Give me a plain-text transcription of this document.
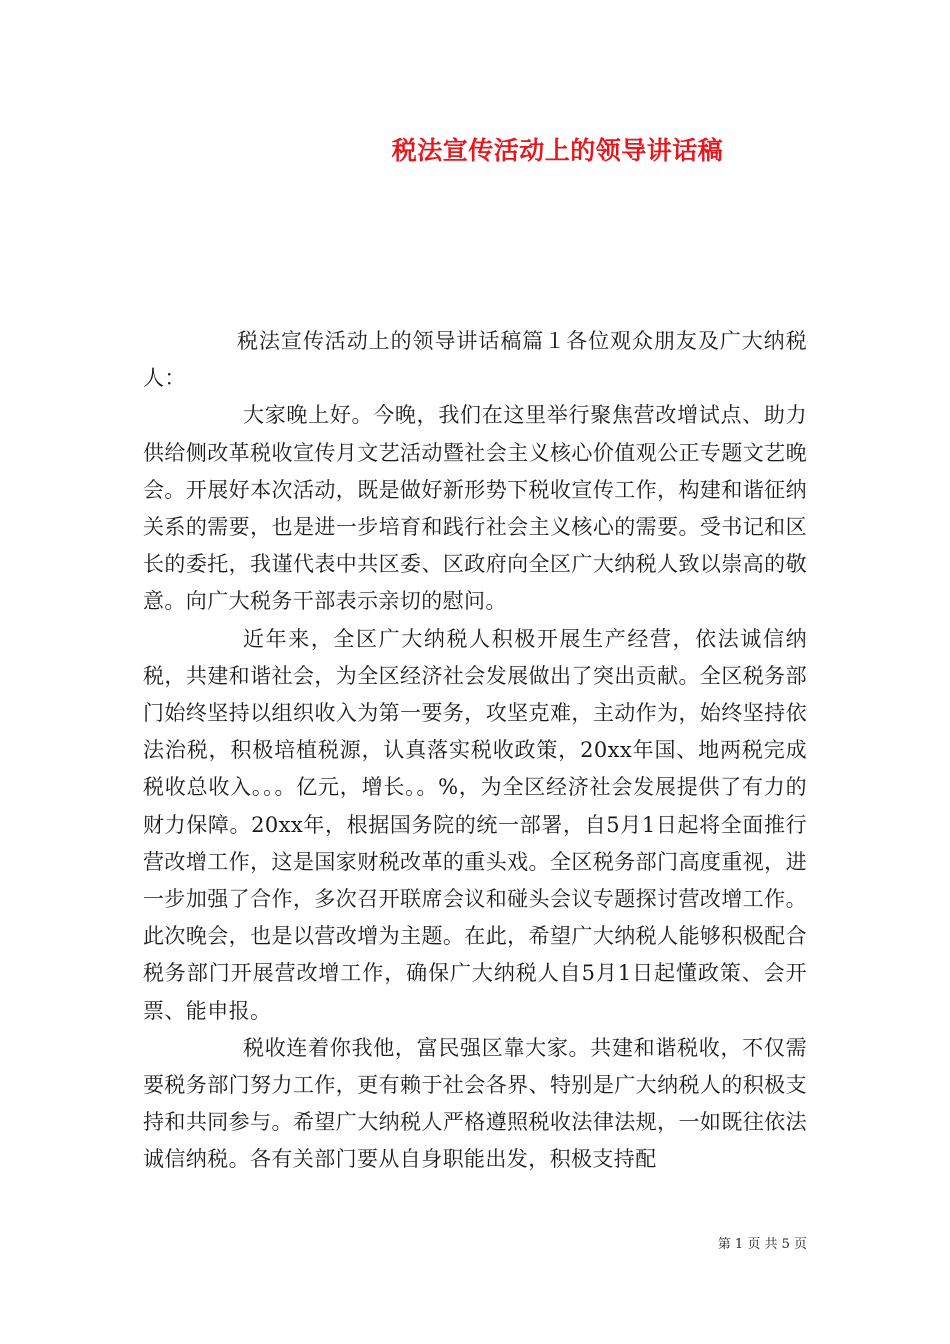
税法宣传活动上的领导讲话稿

税法宣传活动上的领导讲话稿篇１各位观众朋友及广大纳税人：

大家晚上好。今晚，我们在这里举行聚焦营改增试点、助力供给侧改革税收宣传月文艺活动暨社会主义核心价值观公正专题文艺晚会。开展好本次活动，既是做好新形势下税收宣传工作，构建和谐征纳关系的需要，也是进一步培育和践行社会主义核心的需要。受书记和区长的委托，我谨代表中共区委、区政府向全区广大纳税人致以崇高的敬意。向广大税务干部表示亲切的慰问。

近年来，全区广大纳税人积极开展生产经营，依法诚信纳税，共建和谐社会，为全区经济社会发展做出了突出贡献。全区税务部门始终坚持以组织收入为第一要务，攻坚克难，主动作为，始终坚持依法治税，积极培植税源，认真落实税收政策，20xx年国、地两税完成税收总收入。。。亿元，增长。。%，为全区经济社会发展提供了有力的财力保障。20xx年，根据国务院的统一部署，自5月1日起将全面推行营改增工作，这是国家财税改革的重头戏。全区税务部门高度重视，进一步加强了合作，多次召开联席会议和碰头会议专题探讨营改增工作。此次晚会，也是以营改增为主题。在此，希望广大纳税人能够积极配合税务部门开展营改增工作，确保广大纳税人自5月1日起懂政策、会开票、能申报。

税收连着你我他，富民强区靠大家。共建和谐税收，不仅需要税务部门努力工作，更有赖于社会各界、特别是广大纳税人的积极支持和共同参与。希望广大纳税人严格遵照税收法律法规，一如既往依法诚信纳税。各有关部门要从自身职能出发，积极支持配

第 1 页 共 5 页
